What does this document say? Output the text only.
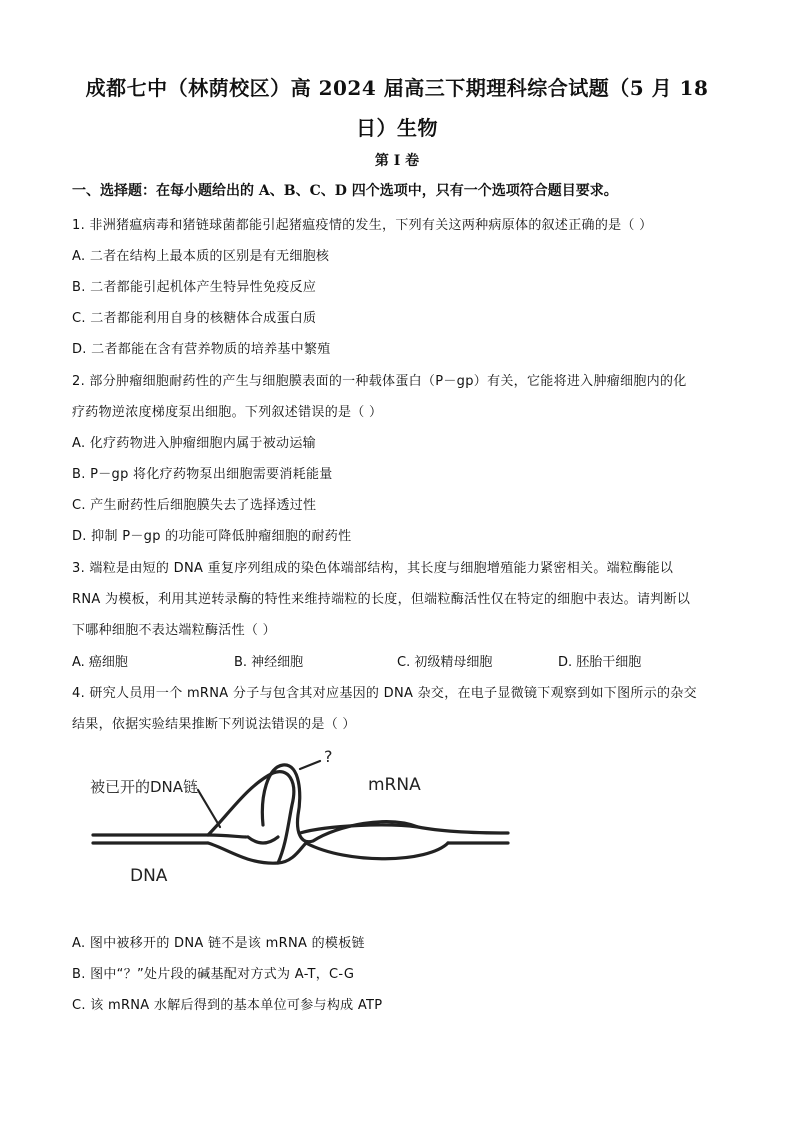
成都七中（林荫校区）高 2024 届高三下期理科综合试题（5 月 18
日）生物
第 I 卷
一、选择题：在每小题给出的 A、B、C、D 四个选项中，只有一个选项符合题目要求。
1. 非洲猪瘟病毒和猪链球菌都能引起猪瘟疫情的发生，下列有关这两种病原体的叙述正确的是（ ）
A. 二者在结构上最本质的区别是有无细胞核
B. 二者都能引起机体产生特异性免疫反应
C. 二者都能利用自身的核糖体合成蛋白质
D. 二者都能在含有营养物质的培养基中繁殖
2. 部分肿瘤细胞耐药性的产生与细胞膜表面的一种载体蛋白（P－gp）有关，它能将进入肿瘤细胞内的化
疗药物逆浓度梯度泵出细胞。下列叙述错误的是（ ）
A. 化疗药物进入肿瘤细胞内属于被动运输
B. P－gp 将化疗药物泵出细胞需要消耗能量
C. 产生耐药性后细胞膜失去了选择透过性
D. 抑制 P－gp 的功能可降低肿瘤细胞的耐药性
3. 端粒是由短的 DNA 重复序列组成的染色体端部结构，其长度与细胞增殖能力紧密相关。端粒酶能以
RNA 为模板，利用其逆转录酶的特性来维持端粒的长度，但端粒酶活性仅在特定的细胞中表达。请判断以
下哪种细胞不表达端粒酶活性（ ）
A. 癌细胞	B. 神经细胞	C. 初级精母细胞	D. 胚胎干细胞
4. 研究人员用一个 mRNA 分子与包含其对应基因的 DNA 杂交，在电子显微镜下观察到如下图所示的杂交
结果，依据实验结果推断下列说法错误的是（ ）
被已开的DNA链
?
mRNA
DNA
A. 图中被移开的 DNA 链不是该 mRNA 的模板链
B. 图中“？”处片段的碱基配对方式为 A-T，C-G
C. 该 mRNA 水解后得到的基本单位可参与构成 ATP
